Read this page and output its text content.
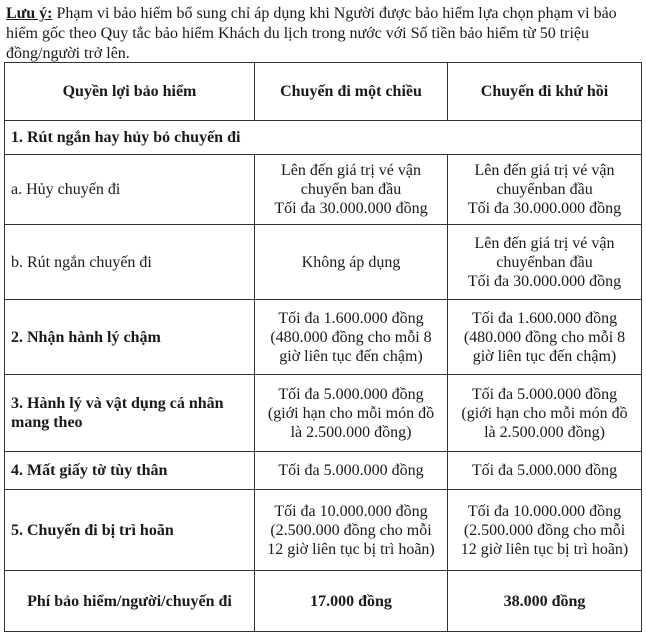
Lưu ý: Phạm vi bảo hiểm bổ sung chỉ áp dụng khi Người được bảo hiểm lựa chọn phạm vi bảo hiểm gốc theo Quy tắc bảo hiểm Khách du lịch trong nước với Số tiền bảo hiểm từ 50 triệu đồng/người trở lên.

Quyền lợi bảo hiểm	Chuyến đi một chiều	Chuyến đi khứ hồi
1. Rút ngắn hay hủy bỏ chuyến đi		
a. Hủy chuyến đi	Lên đến giá trị vé vận
chuyển ban đầu
Tối đa 30.000.000 đồng	Lên đến giá trị vé vận
chuyểnban đầu
Tối đa 30.000.000 đồng

b. Rút ngắn chuyến đi	Không áp dụng	Lên đến giá trị vé vận
chuyểnban đầu
Tối đa 30.000.000 đồng

2. Nhận hành lý chậm	Tối đa 1.600.000 đồng
(480.000 đồng cho mỗi 8
giờ liên tục đến chậm)	Tối đa 1.600.000 đồng
(480.000 đồng cho mỗi 8
giờ liên tục đến chậm)

3. Hành lý và vật dụng cá nhân
mang theo	Tối đa 5.000.000 đồng
(giới hạn cho mỗi món đồ
là 2.500.000 đồng)	Tối đa 5.000.000 đồng
(giới hạn cho mỗi món đồ
là 2.500.000 đồng)

4. Mất giấy tờ tùy thân	Tối đa 5.000.000 đồng	Tối đa 5.000.000 đồng

5. Chuyến đi bị trì hoãn	Tối đa 10.000.000 đồng
(2.500.000 đồng cho mỗi
12 giờ liên tục bị trì hoãn)	Tối đa 10.000.000 đồng
(2.500.000 đồng cho mỗi
12 giờ liên tục bị trì hoãn)

Phí bảo hiểm/người/chuyến đi	17.000 đồng	38.000 đồng
